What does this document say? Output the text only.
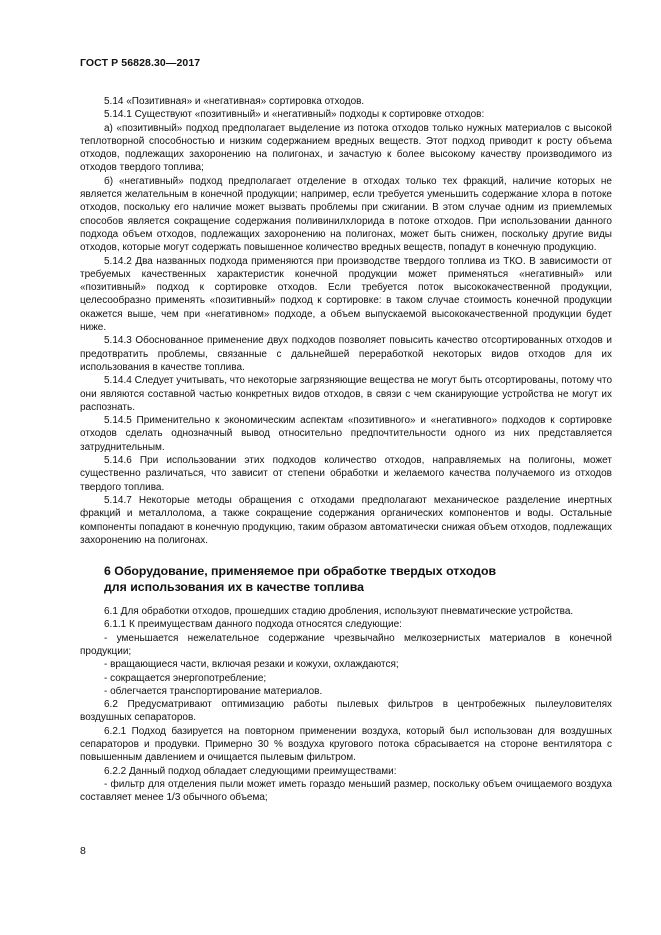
ГОСТ Р 56828.30—2017

5.14 «Позитивная» и «негативная» сортировка отходов.

5.14.1 Существуют «позитивный» и «негативный» подходы к сортировке отходов:

а) «позитивный» подход предполагает выделение из потока отходов только нужных материалов с высокой теплотворной способностью и низким содержанием вредных веществ. Этот подход приводит к росту объема отходов, подлежащих захоронению на полигонах, и зачастую к более высокому качеству производимого из отходов твердого топлива;

б) «негативный» подход предполагает отделение в отходах только тех фракций, наличие которых не является желательным в конечной продукции; например, если требуется уменьшить содержание хлора в потоке отходов, поскольку его наличие может вызвать проблемы при сжигании. В этом случае одним из приемлемых способов является сокращение содержания поливинилхлорида в потоке отходов. При использовании данного подхода объем отходов, подлежащих захоронению на полигонах, может быть снижен, поскольку другие виды отходов, которые могут содержать повышенное количество вредных веществ, попадут в конечную продукцию.

5.14.2 Два названных подхода применяются при производстве твердого топлива из ТКО. В зависимости от требуемых качественных характеристик конечной продукции может применяться «негативный» или «позитивный» подход к сортировке отходов. Если требуется поток высококачественной продукции, целесообразно применять «позитивный» подход к сортировке: в таком случае стоимость конечной продукции окажется выше, чем при «негативном» подходе, а объем выпускаемой высококачественной продукции будет ниже.

5.14.3 Обоснованное применение двух подходов позволяет повысить качество отсортированных отходов и предотвратить проблемы, связанные с дальнейшей переработкой некоторых видов отходов для их использования в качестве топлива.

5.14.4 Следует учитывать, что некоторые загрязняющие вещества не могут быть отсортированы, потому что они являются составной частью конкретных видов отходов, в связи с чем сканирующие устройства не могут их распознать.

5.14.5 Применительно к экономическим аспектам «позитивного» и «негативного» подходов к сортировке отходов сделать однозначный вывод относительно предпочтительности одного из них представляется затруднительным.

5.14.6 При использовании этих подходов количество отходов, направляемых на полигоны, может существенно различаться, что зависит от степени обработки и желаемого качества получаемого из отходов твердого топлива.

5.14.7 Некоторые методы обращения с отходами предполагают механическое разделение инертных фракций и металлолома, а также сокращение содержания органических компонентов и воды. Остальные компоненты попадают в конечную продукцию, таким образом автоматически снижая объем отходов, подлежащих захоронению на полигонах.

6 Оборудование, применяемое при обработке твердых отходов
для использования их в качестве топлива

6.1 Для обработки отходов, прошедших стадию дробления, используют пневматические устройства.

6.1.1 К преимуществам данного подхода относятся следующие:

- уменьшается нежелательное содержание чрезвычайно мелкозернистых материалов в конечной продукции;

- вращающиеся части, включая резаки и кожухи, охлаждаются;

- сокращается энергопотребление;

- облегчается транспортирование материалов.

6.2 Предусматривают оптимизацию работы пылевых фильтров в центробежных пылеуловителях воздушных сепараторов.

6.2.1 Подход базируется на повторном применении воздуха, который был использован для воздушных сепараторов и продувки. Примерно 30 % воздуха кругового потока сбрасывается на стороне вентилятора с повышенным давлением и очищается пылевым фильтром.

6.2.2 Данный подход обладает следующими преимуществами:

- фильтр для отделения пыли может иметь гораздо меньший размер, поскольку объем очищаемого воздуха составляет менее 1/3 обычного объема;

8
